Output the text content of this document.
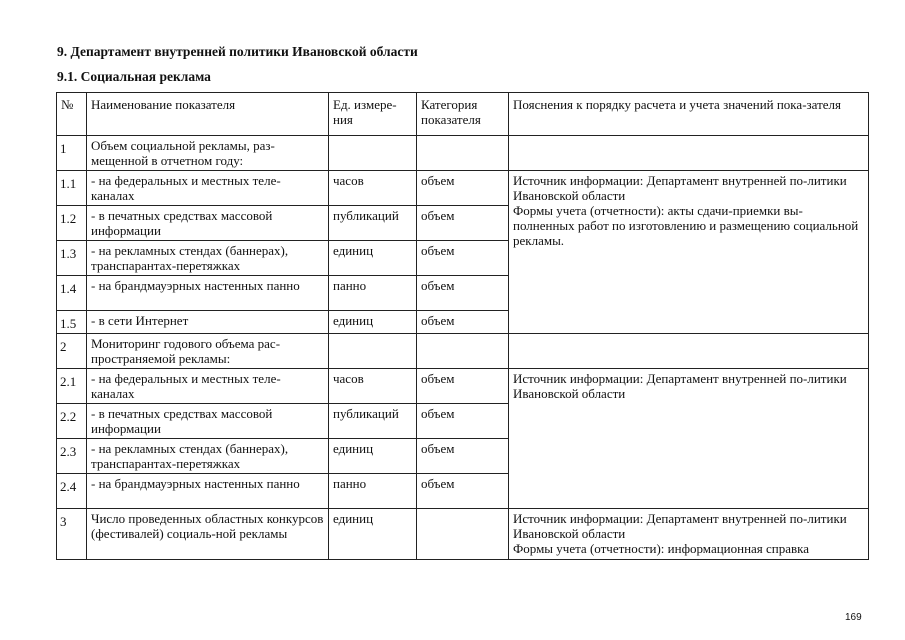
9. Департамент внутренней политики Ивановской области
9.1. Социальная реклама
№	Наименование показателя	Ед. измере-ния	Категория показателя	Пояснения к порядку расчета и учета значений пока-зателя
1	Объем социальной рекламы, раз-мещенной в отчетном году:			
1.1	- на федеральных и местных теле-каналах	часов	объем	Источник информации: Департамент внутренней по-литики Ивановской области
Формы учета (отчетности): акты сдачи-приемки вы-полненных работ по изготовлению и размещению социальной рекламы.

1.2	- в печатных средствах массовой информации	публикаций	объем	
1.3	- на рекламных стендах (баннерах), транспарантах-перетяжках	единиц	объем	
1.4	- на брандмауэрных настенных панно	панно	объем	
1.5	- в сети Интернет	единиц	объем	
2	Мониторинг годового объема рас-пространяемой рекламы:			
2.1	- на федеральных и местных теле-каналах	часов	объем	Источник информации: Департамент внутренней по-литики Ивановской области

2.2	- в печатных средствах массовой информации	публикаций	объем	
2.3	- на рекламных стендах (баннерах), транспарантах-перетяжках	единиц	объем	
2.4	- на брандмауэрных настенных панно	панно	объем	
3	Число проведенных областных конкурсов (фестивалей) социаль-ной рекламы	единиц		Источник информации: Департамент внутренней по-литики Ивановской области
Формы учета (отчетности): информационная справка
169
